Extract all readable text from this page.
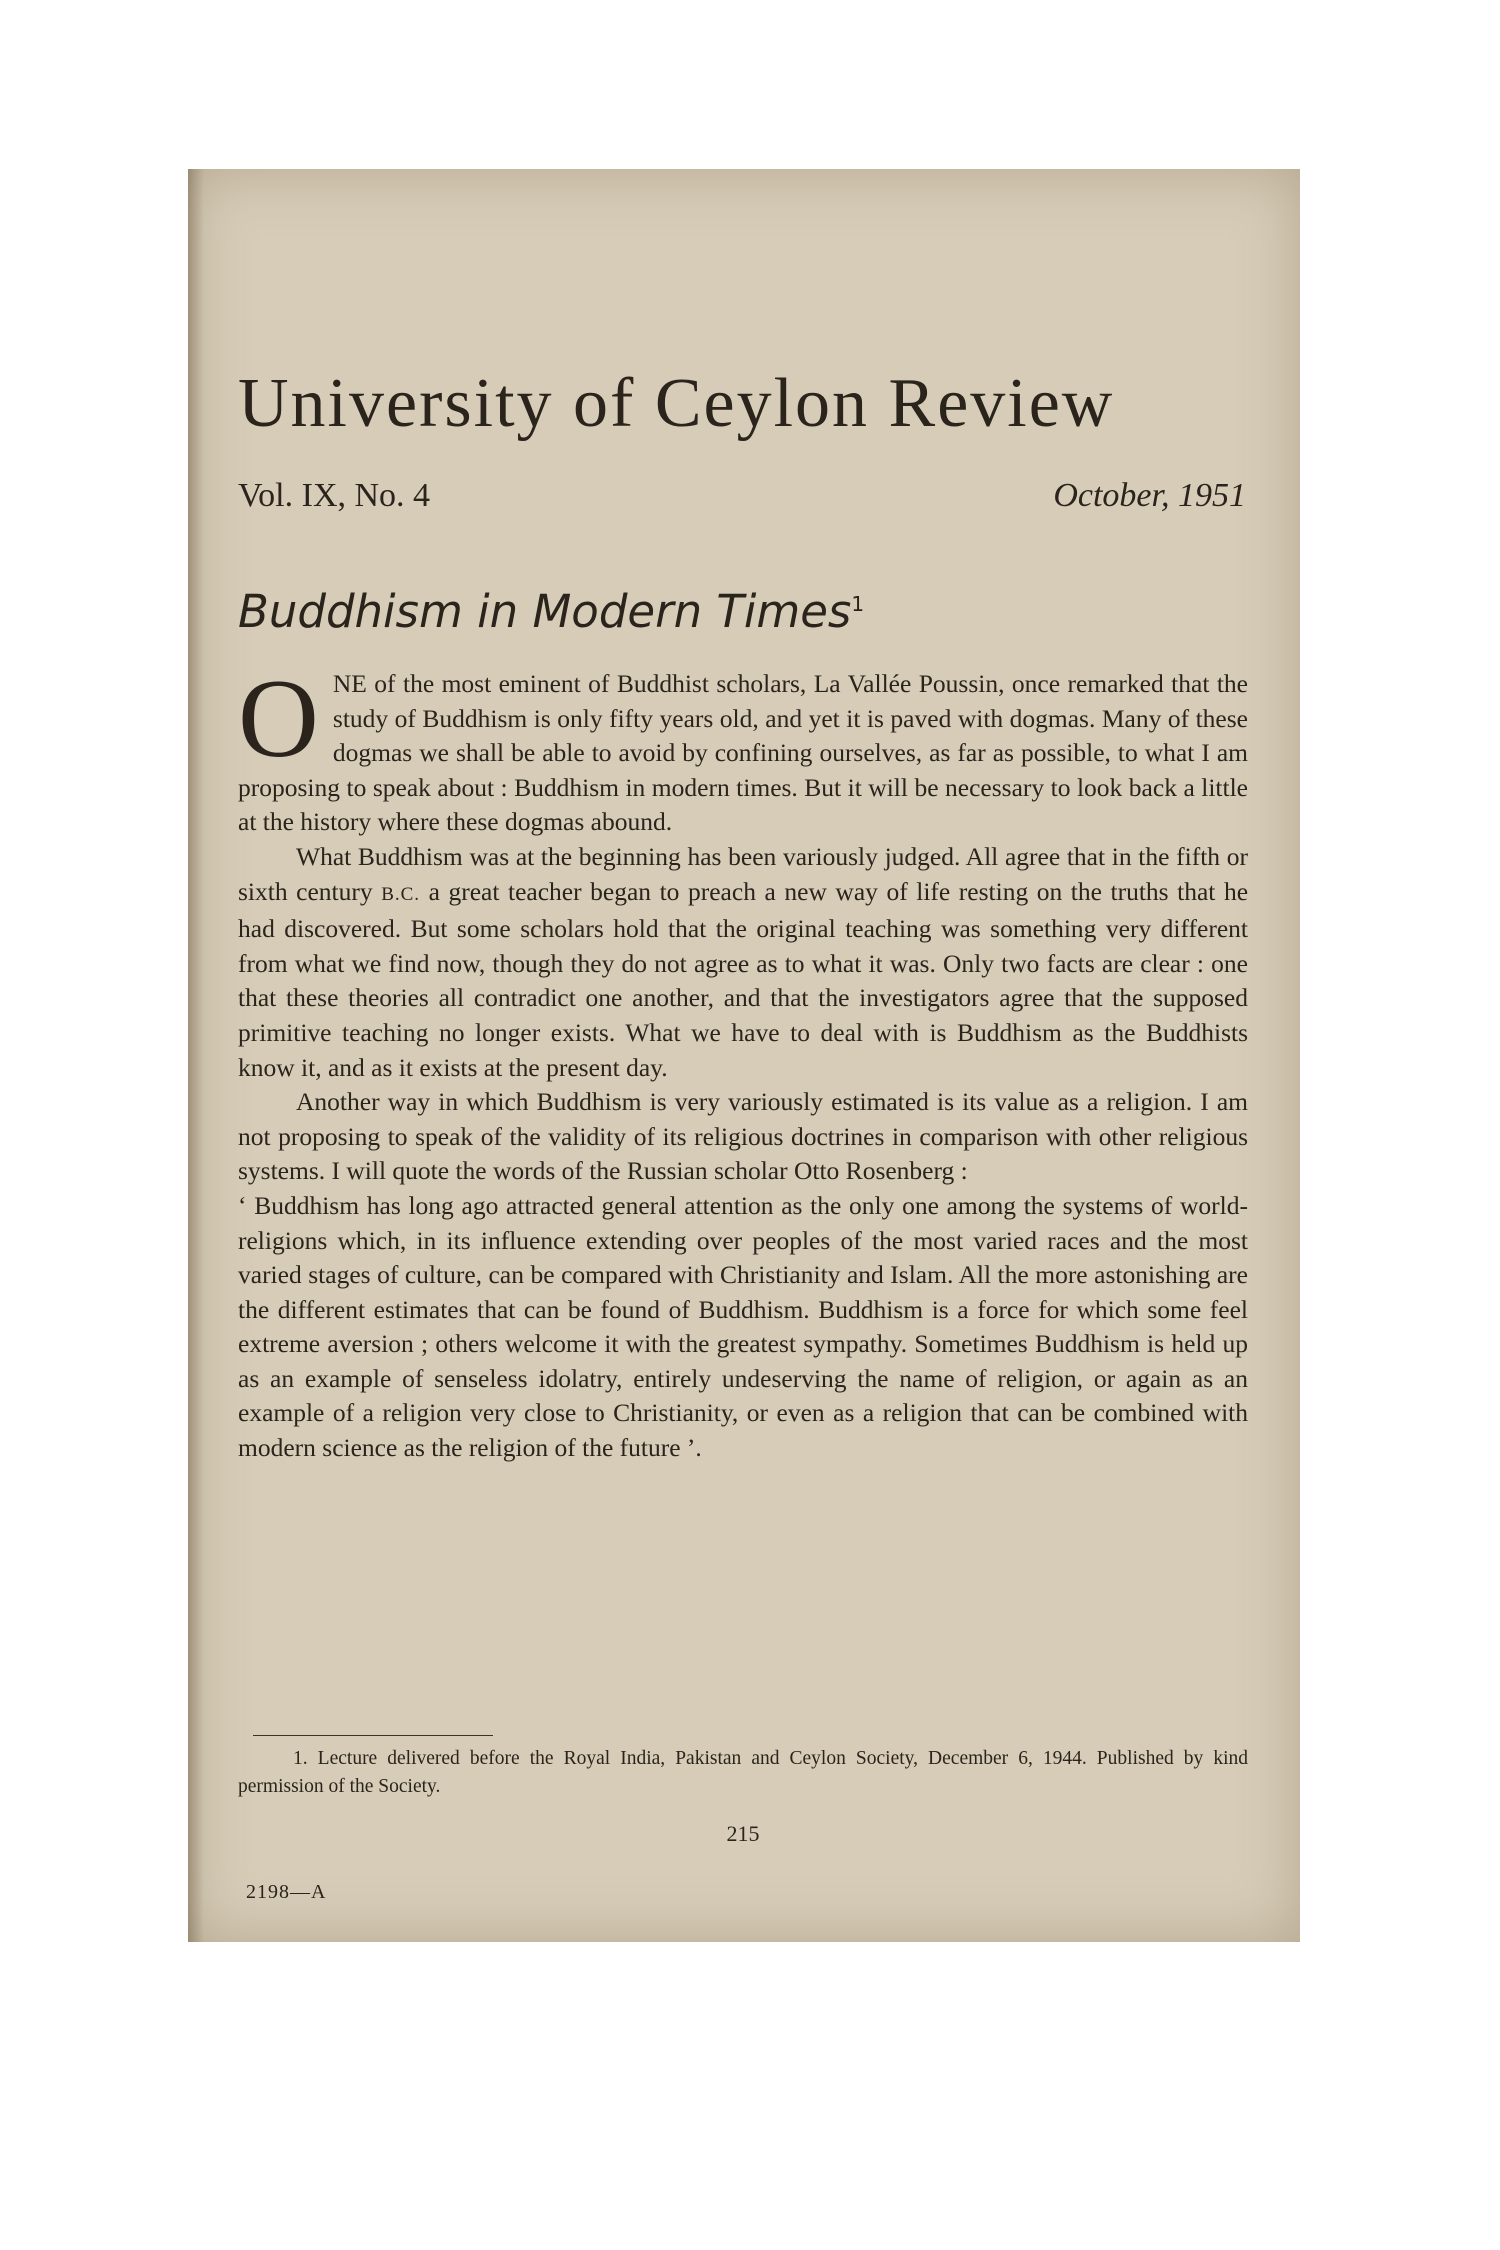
University of Ceylon Review
Vol. IX, No. 4	October, 1951
Buddhism in Modern Times$^1$

ONE of the most eminent of Buddhist scholars, La Vallée Poussin, once remarked that the study of Buddhism is only fifty years old, and yet it is paved with dogmas. Many of these dogmas we shall be able to avoid by confining ourselves, as far as possible, to what I am proposing to speak about : Buddhism in modern times. But it will be necessary to look back a little at the history where these dogmas abound.

What Buddhism was at the beginning has been variously judged. All agree that in the fifth or sixth century B.C. a great teacher began to preach a new way of life resting on the truths that he had discovered. But some scholars hold that the original teaching was something very different from what we find now, though they do not agree as to what it was. Only two facts are clear : one that these theories all contradict one another, and that the investigators agree that the supposed primitive teaching no longer exists. What we have to deal with is Buddhism as the Buddhists know it, and as it exists at the present day.

Another way in which Buddhism is very variously estimated is its value as a religion. I am not proposing to speak of the validity of its religious doctrines in comparison with other religious systems. I will quote the words of the Russian scholar Otto Rosenberg :

‘ Buddhism has long ago attracted general attention as the only one among the systems of world-religions which, in its influence extending over peoples of the most varied races and the most varied stages of culture, can be compared with Christianity and Islam. All the more astonishing are the different estimates that can be found of Buddhism. Buddhism is a force for which some feel extreme aversion ; others welcome it with the greatest sympathy. Sometimes Buddhism is held up as an example of senseless idolatry, entirely undeserving the name of religion, or again as an example of a religion very close to Christianity, or even as a religion that can be combined with modern science as the religion of the future ’.

1. Lecture delivered before the Royal India, Pakistan and Ceylon Society, December 6, 1944. Published by kind permission of the Society.
215
2198—A
